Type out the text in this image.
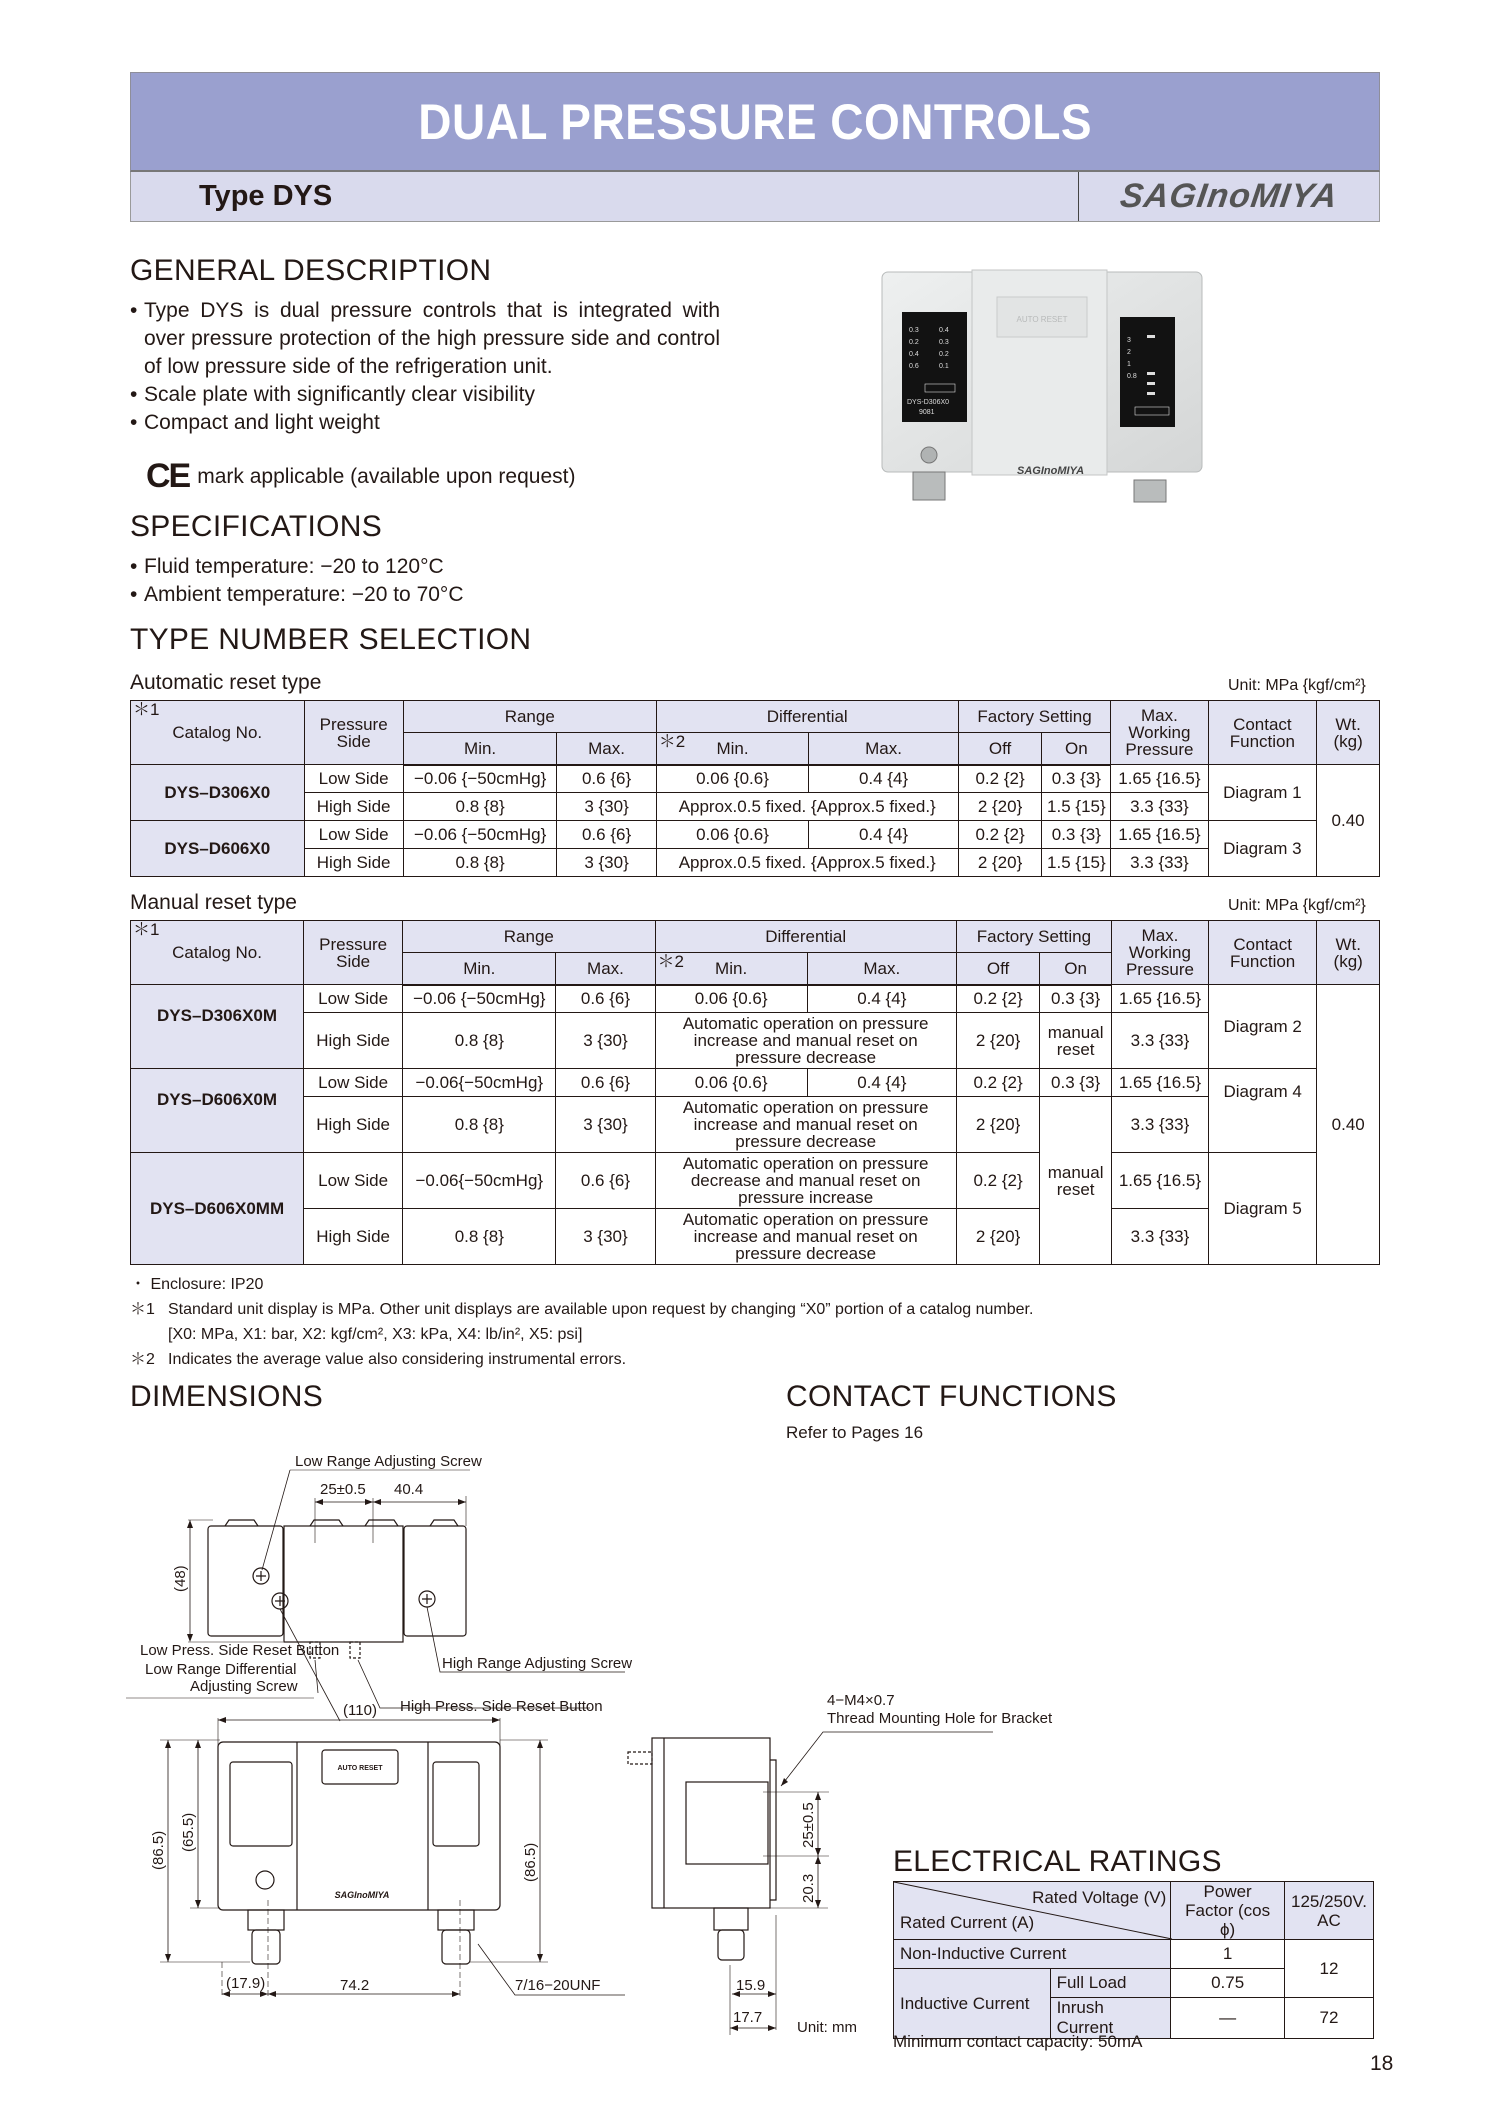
DUAL PRESSURE CONTROLS
Type
DYS	SAGInoMIYA
GENERAL DESCRIPTION
• Type DYS is dual pressure controls that is integrated with over pressure protection of the high pressure side and control of low pressure side of the refrigeration unit.
• Scale plate with significantly clear visibility
• Compact and light weight
CE mark applicable (available upon request)
AUTO RESET
0.3
0.2
0.4
0.6
0.4
0.3
0.2
0.1
DYS-D306X0
9081
3
2
1
0.8
SAGInoMIYA
SPECIFICATIONS
• Fluid temperature: −20 to 120°C
• Ambient temperature: −20 to 70°C
TYPE NUMBER SELECTION
Automatic reset type	Unit: MPa {kgf/cm²}
＊1
Catalog No.	Pressure Side	Range		Differential		Factory Setting		Max. Working Pressure	Contact Function	Wt. (kg)
		Min.	Max.	＊2 Min.	Max.	Off	On			
DYS–D306X0	Low Side	−0.06 {−50cmHg}	0.6 {6}	0.06 {0.6}	0.4 {4}	0.2 {2}	0.3 {3}	1.65 {16.5}	Diagram 1	0.40
	High Side	0.8 {8}	3 {30}	Approx.0.5 fixed. {Approx.5 fixed.}		2 {20}	1.5 {15}	3.3 {33}		
DYS–D606X0	Low Side	−0.06 {−50cmHg}	0.6 {6}	0.06 {0.6}	0.4 {4}	0.2 {2}	0.3 {3}	1.65 {16.5}	Diagram 3	
	High Side	0.8 {8}	3 {30}	Approx.0.5 fixed. {Approx.5 fixed.}		2 {20}	1.5 {15}	3.3 {33}		
Manual reset type	Unit: MPa {kgf/cm²}
＊1
Catalog No.	Pressure Side	Range		Differential		Factory Setting		Max. Working Pressure	Contact Function	Wt. (kg)
		Min.	Max.	＊2 Min.	Max.	Off	On			
DYS–D306X0M	Low Side	−0.06 {−50cmHg}	0.6 {6}	0.06 {0.6}	0.4 {4}	0.2 {2}	0.3 {3}	1.65 {16.5}	Diagram 2	0.40
	High Side	0.8 {8}	3 {30}	Automatic operation on pressure increase and manual reset on pressure decrease		2 {20}	manual reset	3.3 {33}		
DYS–D606X0M	Low Side	−0.06{−50cmHg}	0.6 {6}	0.06 {0.6}	0.4 {4}	0.2 {2}	0.3 {3}	1.65 {16.5}	Diagram 4	
	High Side	0.8 {8}	3 {30}	Automatic operation on pressure increase and manual reset on pressure decrease		2 {20}	manual reset	3.3 {33}		
DYS–D606X0MM	Low Side	−0.06{−50cmHg}	0.6 {6}	Automatic operation on pressure decrease and manual reset on pressure increase		0.2 {2}		1.65 {16.5}	Diagram 5	
	High Side	0.8 {8}	3 {30}	Automatic operation on pressure increase and manual reset on pressure decrease		2 {20}		3.3 {33}		
・ Enclosure: IP20
＊1 Standard unit display is MPa. Other unit displays are available upon request by changing “X0” portion of a catalog number.
[X0: MPa, X1: bar, X2: kgf/cm², X3: kPa, X4: lb/in², X5: psi]
＊2 Indicates the average value also considering instrumental errors.
DIMENSIONS
Low Range Adjusting Screw
25±0.5 40.4
(48)
Low Range Differential
Adjusting Screw
High Range Adjusting Screw
High Press. Side Reset Button
Low Press. Side Reset Button
AUTO RESET
SAGInoMIYA
(110)
(86.5) (65.5)
(86.5)
(17.9)	74.2	7/16−20UNF
25±0.5
20.3
15.9
17.7
Unit: mm
4−M4×0.7
Thread Mounting Hole for Bracket
CONTACT FUNCTIONS
Refer to Pages 16
ELECTRICAL RATINGS
Rated Voltage (V)
Rated Current (A)		Power Factor (cos ϕ)	125/250V. AC
Non-Inductive Current		1	12
Inductive Current	Full Load	0.75	
	Inrush Current	—	72
Minimum contact capacity: 50mA
18
